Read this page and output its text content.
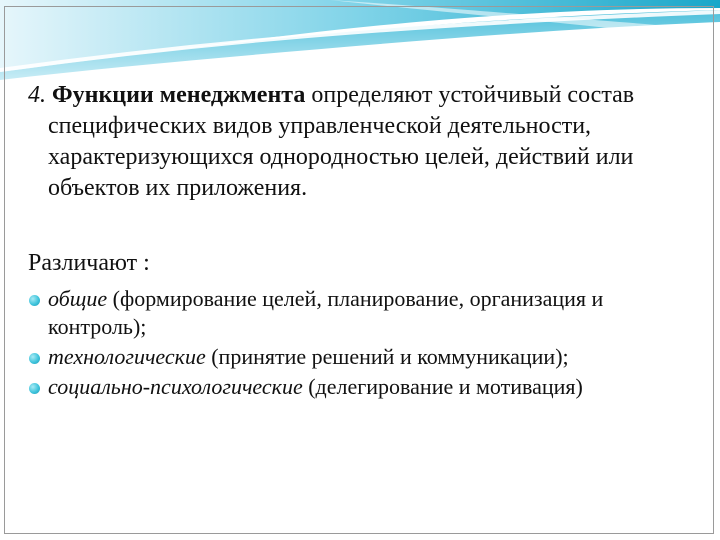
4. Функции менеджмента определяют устойчивый состав специфических видов управленческой деятельности, характеризующихся однородностью целей, действий или объектов их приложения.

Различают :

общие (формирование целей, планирование, организация и контроль);
технологические (принятие решений и коммуникации);
социально-психологические (делегирование и мотивация)
